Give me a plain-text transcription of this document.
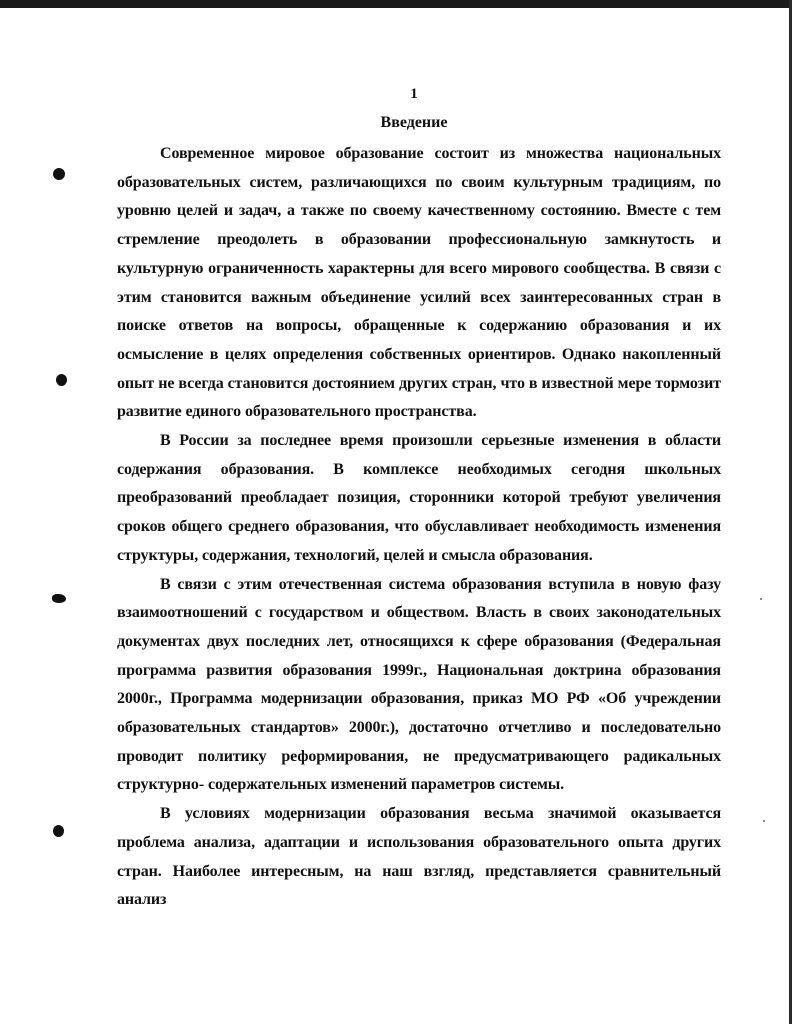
1
Введение

Современное мировое образование состоит из множества национальных образовательных систем, различающихся по своим культурным традициям, по уровню целей и задач, а также по своему качественному состоянию. Вместе с тем стремление преодолеть в образовании профессиональную замкнутость и культурную ограниченность характерны для всего мирового сообщества. В связи с этим становится важным объединение усилий всех заинтересованных стран в поиске ответов на вопросы, обращенные к содержанию образования и их осмысление в целях определения собственных ориентиров. Однако накопленный опыт не всегда становится достоянием других стран, что в известной мере тормозит развитие единого образовательного пространства.

В России за последнее время произошли серьезные изменения в области содержания образования. В комплексе необходимых сегодня школьных преобразований преобладает позиция, сторонники которой требуют увеличения сроков общего среднего образования, что обуславливает необходимость изменения структуры, содержания, технологий, целей и смысла образования.

В связи с этим отечественная система образования вступила в новую фазу взаимоотношений с государством и обществом. Власть в своих законодательных документах двух последних лет, относящихся к сфере образования (Федеральная программа развития образования 1999г., Национальная доктрина образования 2000г., Программа модернизации образования, приказ МО РФ «Об учреждении образовательных стандартов» 2000г.), достаточно отчетливо и последовательно проводит политику реформирования, не предусматривающего радикальных структурно- содержательных изменений параметров системы.

В условиях модернизации образования весьма значимой оказывается проблема анализа, адаптации и использования образовательного опыта других стран. Наиболее интересным, на наш взгляд, представляется сравнительный анализ
